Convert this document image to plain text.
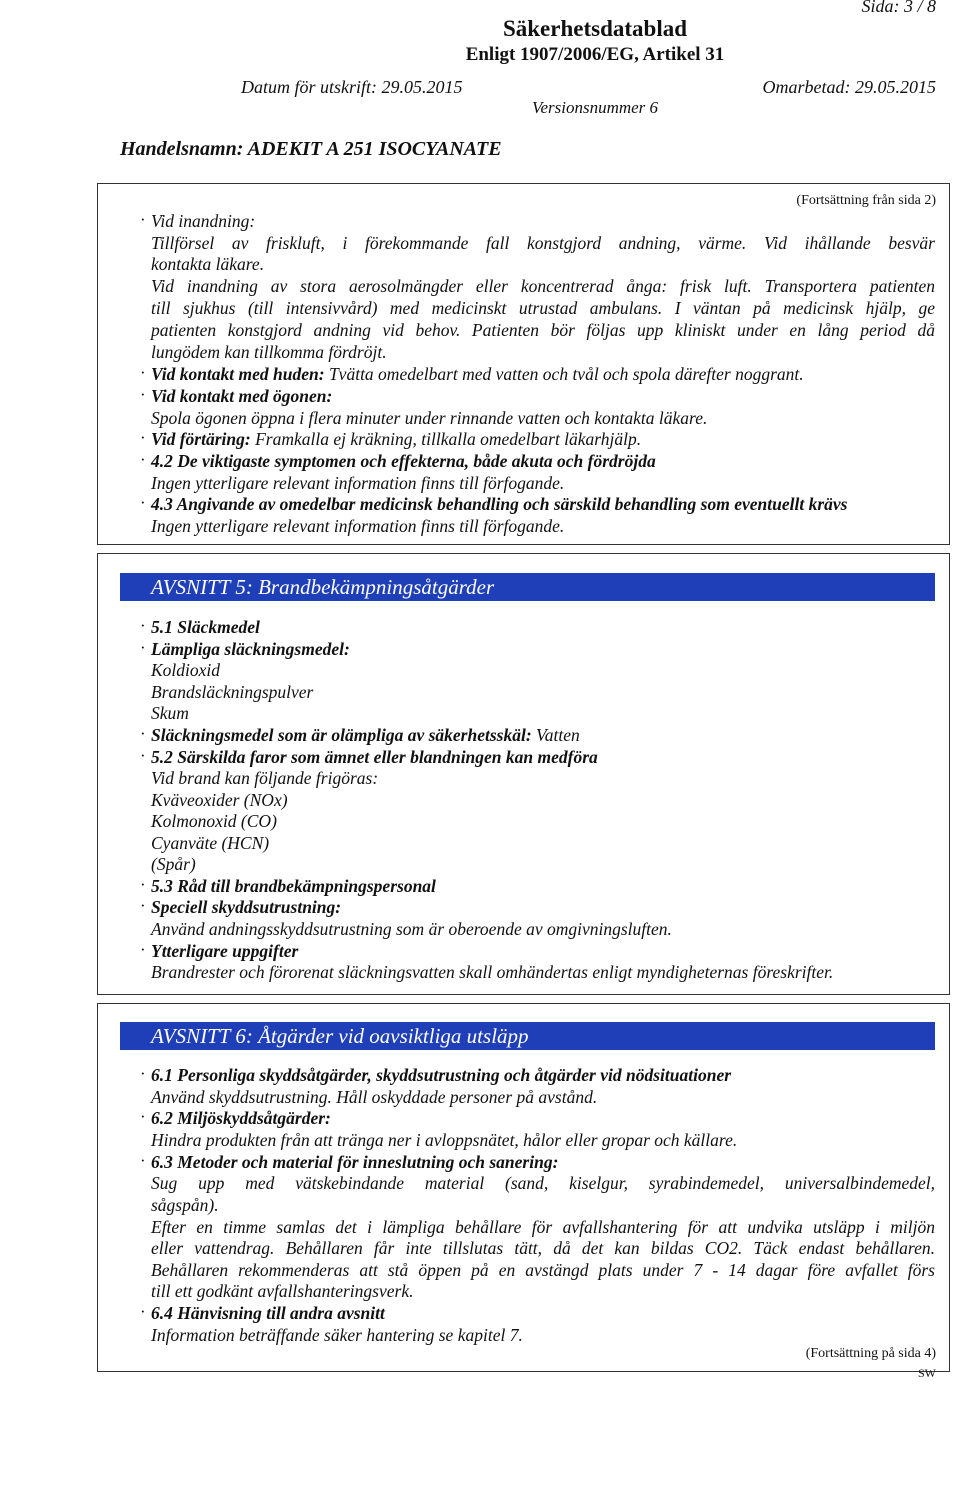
Sida: 3 / 8
Säkerhetsdatablad
Enligt 1907/2006/EG, Artikel 31
Datum för utskrift: 29.05.2015	Omarbetad: 29.05.2015
Versionsnummer 6
Handelsnamn: ADEKIT A 251 ISOCYANATE
(Fortsättning från sida 2)
· Vid inandning:
Tillförsel av friskluft, i förekommande fall konstgjord andning, värme. Vid ihållande besvär
kontakta läkare.
Vid inandning av stora aerosolmängder eller koncentrerad ånga: frisk luft. Transportera patienten
till sjukhus (till intensivvård) med medicinskt utrustad ambulans. I väntan på medicinsk hjälp, ge
patienten konstgjord andning vid behov. Patienten bör följas upp kliniskt under en lång period då
lungödem kan tillkomma fördröjt.
· Vid kontakt med huden: Tvätta omedelbart med vatten och tvål och spola därefter noggrant.
· Vid kontakt med ögonen:
Spola ögonen öppna i flera minuter under rinnande vatten och kontakta läkare.
· Vid förtäring: Framkalla ej kräkning, tillkalla omedelbart läkarhjälp.
· 4.2 De viktigaste symptomen och effekterna, både akuta och fördröjda
Ingen ytterligare relevant information finns till förfogande.
· 4.3 Angivande av omedelbar medicinsk behandling och särskild behandling som eventuellt krävs
Ingen ytterligare relevant information finns till förfogande.
AVSNITT 5: Brandbekämpningsåtgärder
· 5.1 Släckmedel
· Lämpliga släckningsmedel:
Koldioxid
Brandsläckningspulver
Skum
· Släckningsmedel som är olämpliga av säkerhetsskäl: Vatten
· 5.2 Särskilda faror som ämnet eller blandningen kan medföra
Vid brand kan följande frigöras:
Kväveoxider (NOx)
Kolmonoxid (CO)
Cyanväte (HCN)
(Spår)
· 5.3 Råd till brandbekämpningspersonal
· Speciell skyddsutrustning:
Använd andningsskyddsutrustning som är oberoende av omgivningsluften.
· Ytterligare uppgifter
Brandrester och förorenat släckningsvatten skall omhändertas enligt myndigheternas föreskrifter.
AVSNITT 6: Åtgärder vid oavsiktliga utsläpp
· 6.1 Personliga skyddsåtgärder, skyddsutrustning och åtgärder vid nödsituationer
Använd skyddsutrustning. Håll oskyddade personer på avstånd.
· 6.2 Miljöskyddsåtgärder:
Hindra produkten från att tränga ner i avloppsnätet, hålor eller gropar och källare.
· 6.3 Metoder och material för inneslutning och sanering:
Sug upp med vätskebindande material (sand, kiselgur, syrabindemedel, universalbindemedel,
sågspån).
Efter en timme samlas det i lämpliga behållare för avfallshantering för att undvika utsläpp i miljön
eller vattendrag. Behållaren får inte tillslutas tätt, då det kan bildas CO2. Täck endast behållaren.
Behållaren rekommenderas att stå öppen på en avstängd plats under 7 - 14 dagar före avfallet förs
till ett godkänt avfallshanteringsverk.
· 6.4 Hänvisning till andra avsnitt
Information beträffande säker hantering se kapitel 7.
(Fortsättning på sida 4)
SW
